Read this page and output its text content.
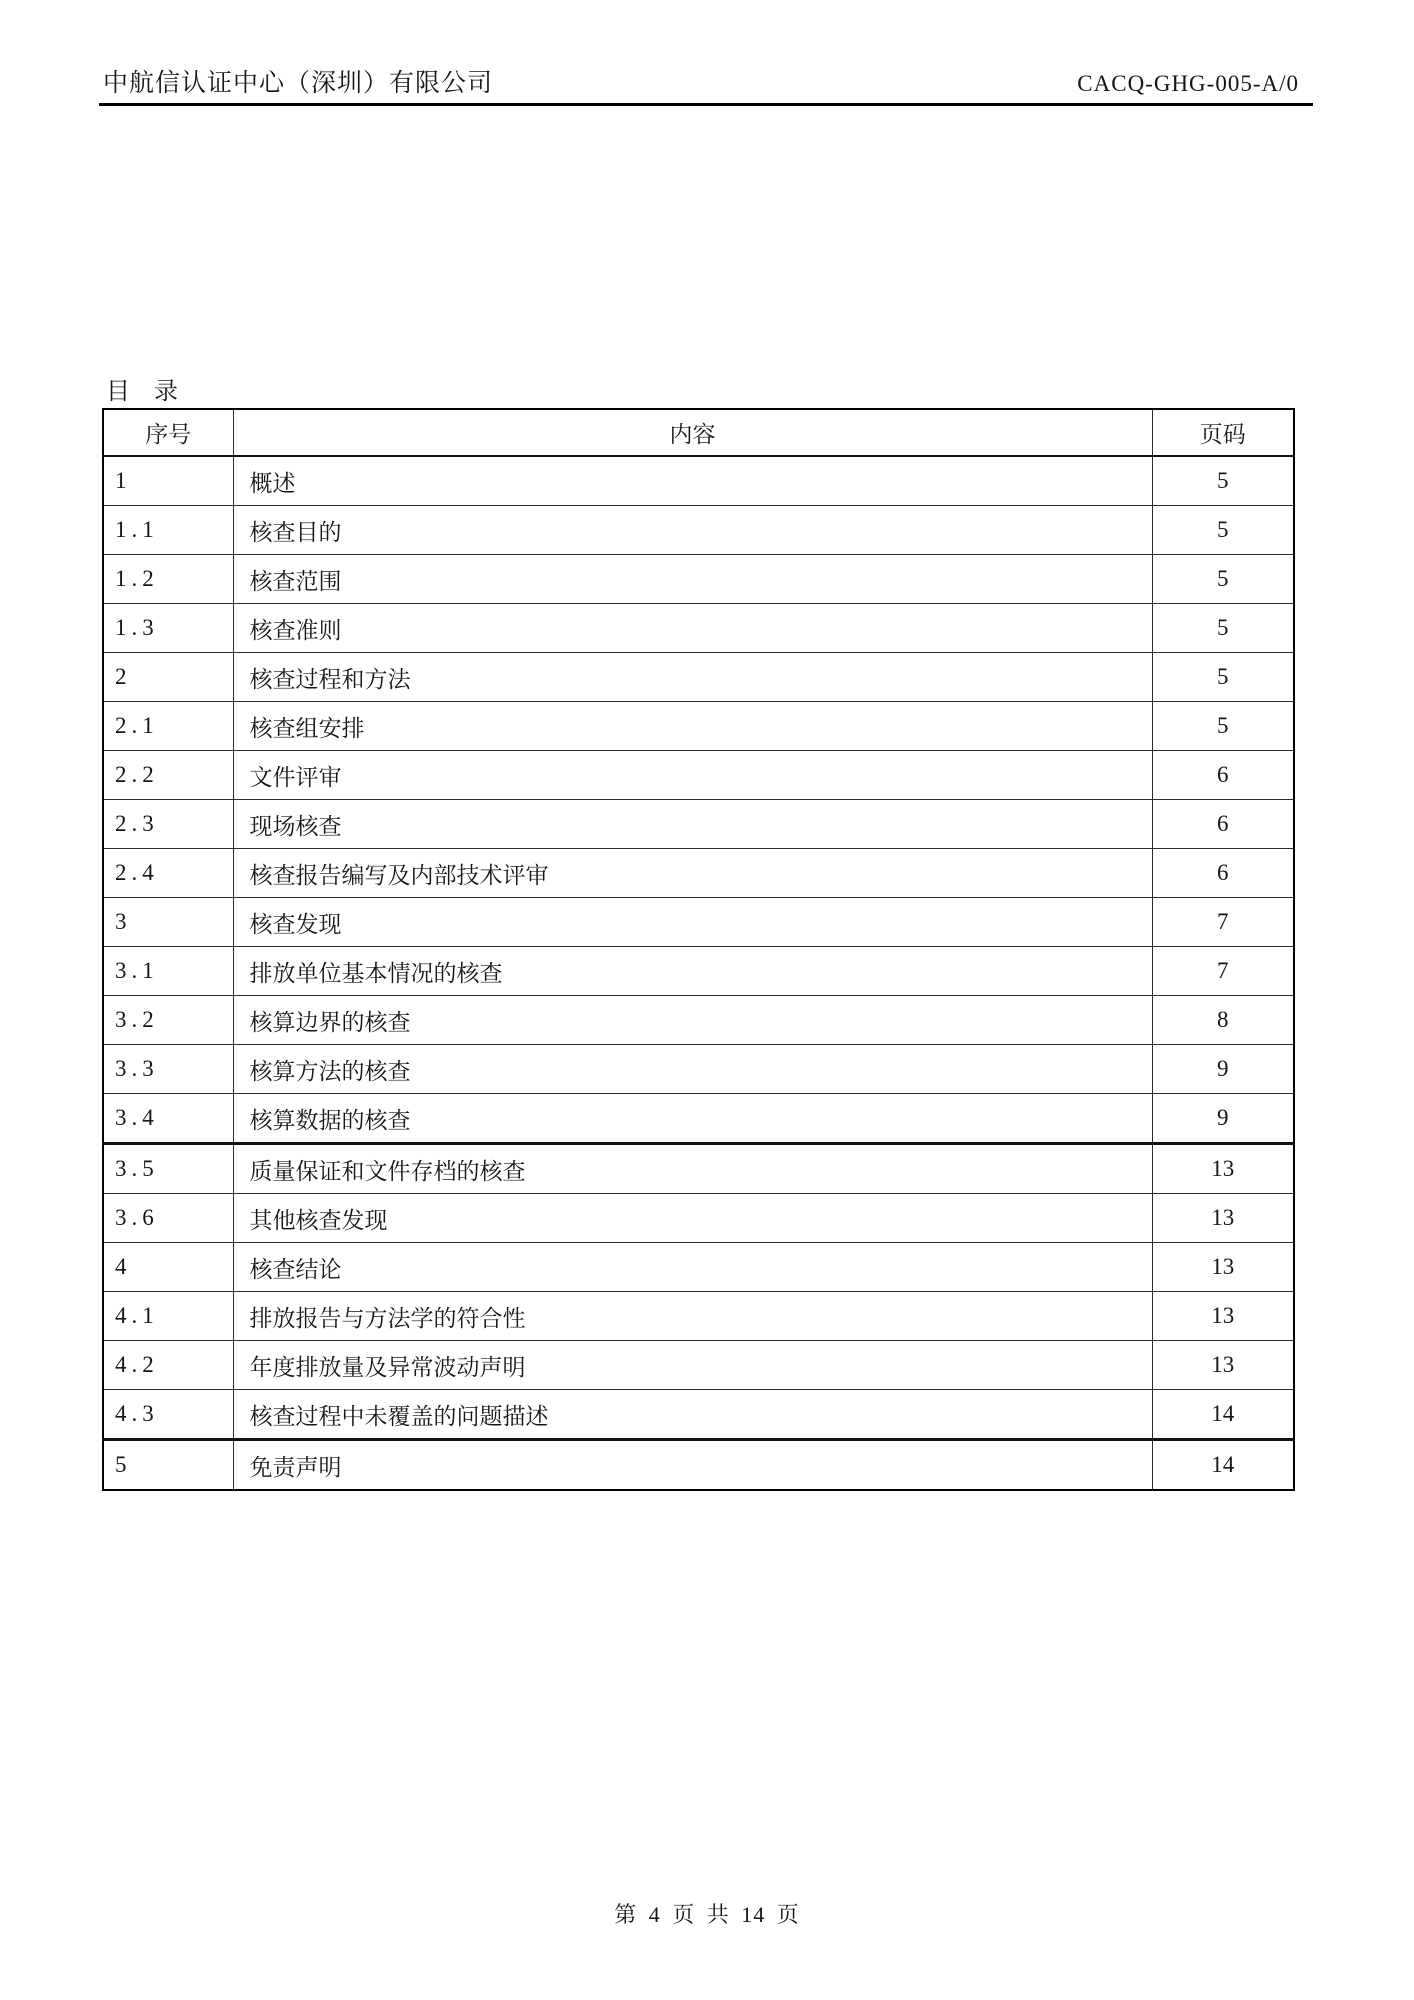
中航信认证中心（深圳）有限公司	CACQ-GHG-005-A/0
目　录
序号	内容	页码
1	概述	5
1.1	核查目的	5
1.2	核查范围	5
1.3	核查准则	5
2	核查过程和方法	5
2.1	核查组安排	5
2.2	文件评审	6
2.3	现场核查	6
2.4	核查报告编写及内部技术评审	6
3	核查发现	7
3.1	排放单位基本情况的核查	7
3.2	核算边界的核查	8
3.3	核算方法的核查	9
3.4	核算数据的核查	9
3.5	质量保证和文件存档的核查	13
3.6	其他核查发现	13
4	核查结论	13
4.1	排放报告与方法学的符合性	13
4.2	年度排放量及异常波动声明	13
4.3	核查过程中未覆盖的问题描述	14
5	免责声明	14
第 4 页 共 14 页
